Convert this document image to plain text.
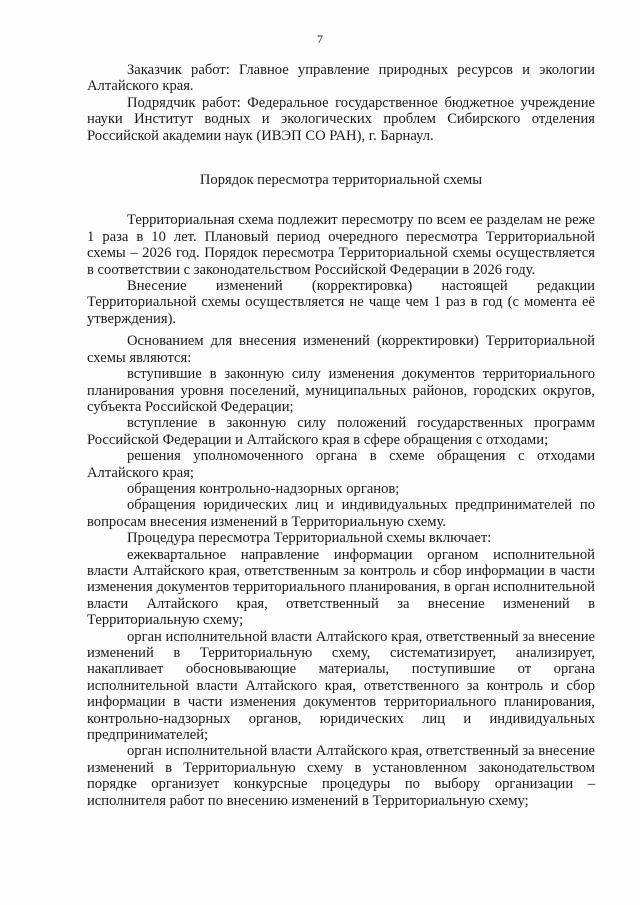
7

Заказчик работ: Главное управление природных ресурсов и экологии Алтайского края.

Подрядчик работ: Федеральное государственное бюджетное учреждение науки Институт водных и экологических проблем Сибирского отделения Российской академии наук (ИВЭП СО РАН), г. Барнаул.

Порядок пересмотра территориальной схемы

Территориальная схема подлежит пересмотру по всем ее разделам не реже 1 раза в 10 лет. Плановый период очередного пересмотра Территориальной схемы – 2026 год. Порядок пересмотра Территориальной схемы осуществляется в соответствии с законодательством Российской Федерации в 2026 году.

Внесение изменений (корректировка) настоящей редакции Территориальной схемы осуществляется не чаще чем 1 раз в год (с момента её утверждения).

Основанием для внесения изменений (корректировки) Территориальной схемы являются:

вступившие в законную силу изменения документов территориального планирования уровня поселений, муниципальных районов, городских округов, субъекта Российской Федерации;

вступление в законную силу положений государственных программ Российской Федерации и Алтайского края в сфере обращения с отходами;

решения уполномоченного органа в схеме обращения с отходами Алтайского края;

обращения контрольно-надзорных органов;

обращения юридических лиц и индивидуальных предпринимателей по вопросам внесения изменений в Территориальную схему.

Процедура пересмотра Территориальной схемы включает:

ежеквартальное направление информации органом исполнительной власти Алтайского края, ответственным за контроль и сбор информации в части изменения документов территориального планирования, в орган исполнительной власти Алтайского края, ответственный за внесение изменений в Территориальную схему;

орган исполнительной власти Алтайского края, ответственный за внесение изменений в Территориальную схему, систематизирует, анализирует, накапливает обосновывающие материалы, поступившие от органа исполнительной власти Алтайского края, ответственного за контроль и сбор информации в части изменения документов территориального планирования, контрольно-надзорных органов, юридических лиц и индивидуальных предпринимателей;

орган исполнительной власти Алтайского края, ответственный за внесение изменений в Территориальную схему в установленном законодательством порядке организует конкурсные процедуры по выбору организации – исполнителя работ по внесению изменений в Территориальную схему;
